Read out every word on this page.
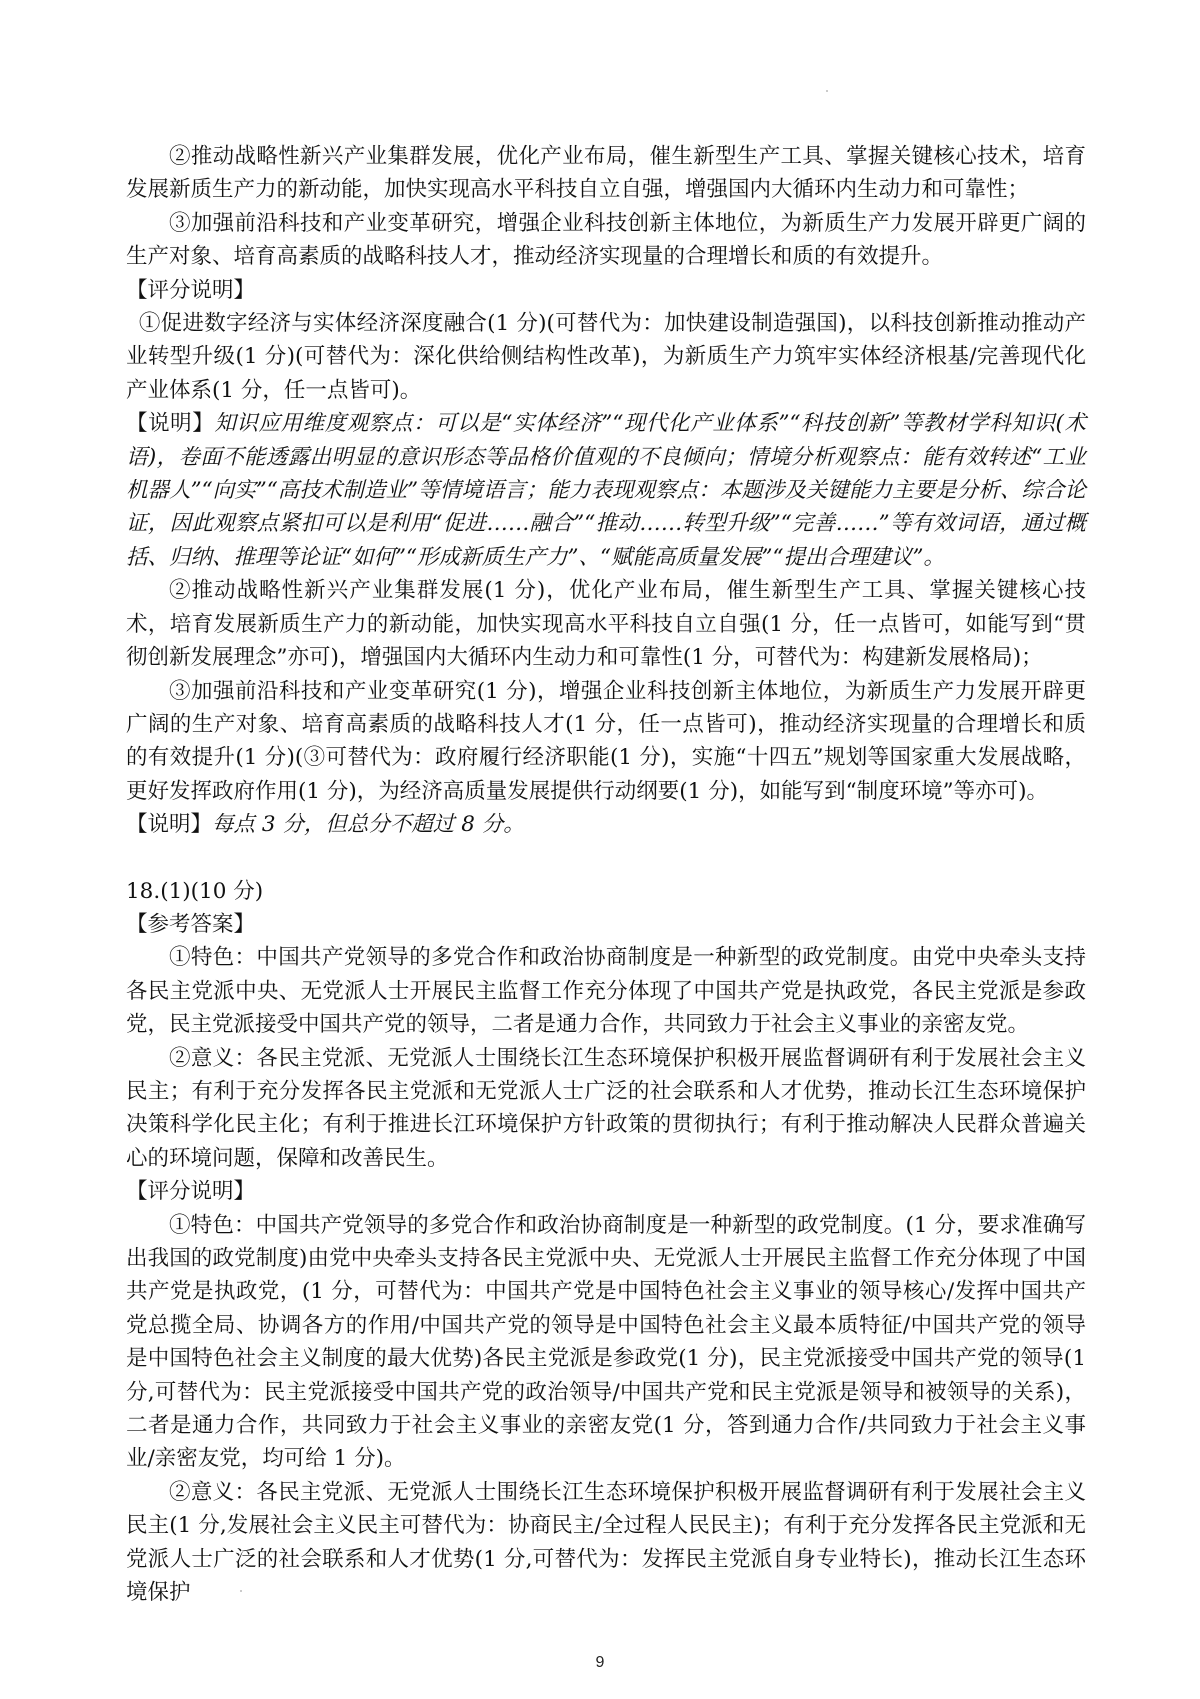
②推动战略性新兴产业集群发展，优化产业布局，催生新型生产工具、掌握关键核心技术，培育发展新质生产力的新动能，加快实现高水平科技自立自强，增强国内大循环内生动力和可靠性；

③加强前沿科技和产业变革研究，增强企业科技创新主体地位，为新质生产力发展开辟更广阔的生产对象、培育高素质的战略科技人才，推动经济实现量的合理增长和质的有效提升。

【评分说明】

①促进数字经济与实体经济深度融合(1 分)(可替代为：加快建设制造强国)，以科技创新推动推动产业转型升级(1 分)(可替代为：深化供给侧结构性改革)，为新质生产力筑牢实体经济根基/完善现代化产业体系(1 分，任一点皆可)。

【说明】知识应用维度观察点：可以是“实体经济”“现代化产业体系”“科技创新”等教材学科知识(术语)，卷面不能透露出明显的意识形态等品格价值观的不良倾向；情境分析观察点：能有效转述“工业机器人”“向实”“高技术制造业”等情境语言；能力表现观察点：本题涉及关键能力主要是分析、综合论证，因此观察点紧扣可以是利用“促进……融合”“推动……转型升级”“完善……”等有效词语，通过概括、归纳、推理等论证“如何”“形成新质生产力”、“赋能高质量发展”“提出合理建议”。

②推动战略性新兴产业集群发展(1 分)，优化产业布局，催生新型生产工具、掌握关键核心技术，培育发展新质生产力的新动能，加快实现高水平科技自立自强(1 分，任一点皆可，如能写到“贯彻创新发展理念”亦可)，增强国内大循环内生动力和可靠性(1 分，可替代为：构建新发展格局)；

③加强前沿科技和产业变革研究(1 分)，增强企业科技创新主体地位，为新质生产力发展开辟更广阔的生产对象、培育高素质的战略科技人才(1 分，任一点皆可)，推动经济实现量的合理增长和质的有效提升(1 分)(③可替代为：政府履行经济职能(1 分)，实施“十四五”规划等国家重大发展战略，更好发挥政府作用(1 分)，为经济高质量发展提供行动纲要(1 分)，如能写到“制度环境”等亦可)。

【说明】每点 3 分，但总分不超过 8 分。

18.(1)(10 分)

【参考答案】

①特色：中国共产党领导的多党合作和政治协商制度是一种新型的政党制度。由党中央牵头支持各民主党派中央、无党派人士开展民主监督工作充分体现了中国共产党是执政党，各民主党派是参政党，民主党派接受中国共产党的领导，二者是通力合作，共同致力于社会主义事业的亲密友党。

②意义：各民主党派、无党派人士围绕长江生态环境保护积极开展监督调研有利于发展社会主义民主；有利于充分发挥各民主党派和无党派人士广泛的社会联系和人才优势，推动长江生态环境保护决策科学化民主化；有利于推进长江环境保护方针政策的贯彻执行；有利于推动解决人民群众普遍关心的环境问题，保障和改善民生。

【评分说明】

①特色：中国共产党领导的多党合作和政治协商制度是一种新型的政党制度。(1 分，要求准确写出我国的政党制度)由党中央牵头支持各民主党派中央、无党派人士开展民主监督工作充分体现了中国共产党是执政党，(1 分，可替代为：中国共产党是中国特色社会主义事业的领导核心/发挥中国共产党总揽全局、协调各方的作用/中国共产党的领导是中国特色社会主义最本质特征/中国共产党的领导是中国特色社会主义制度的最大优势)各民主党派是参政党(1 分)，民主党派接受中国共产党的领导(1 分,可替代为：民主党派接受中国共产党的政治领导/中国共产党和民主党派是领导和被领导的关系)，二者是通力合作，共同致力于社会主义事业的亲密友党(1 分，答到通力合作/共同致力于社会主义事业/亲密友党，均可给 1 分)。

②意义：各民主党派、无党派人士围绕长江生态环境保护积极开展监督调研有利于发展社会主义民主(1 分,发展社会主义民主可替代为：协商民主/全过程人民民主)；有利于充分发挥各民主党派和无党派人士广泛的社会联系和人才优势(1 分,可替代为：发挥民主党派自身专业特长)，推动长江生态环境保护

9
